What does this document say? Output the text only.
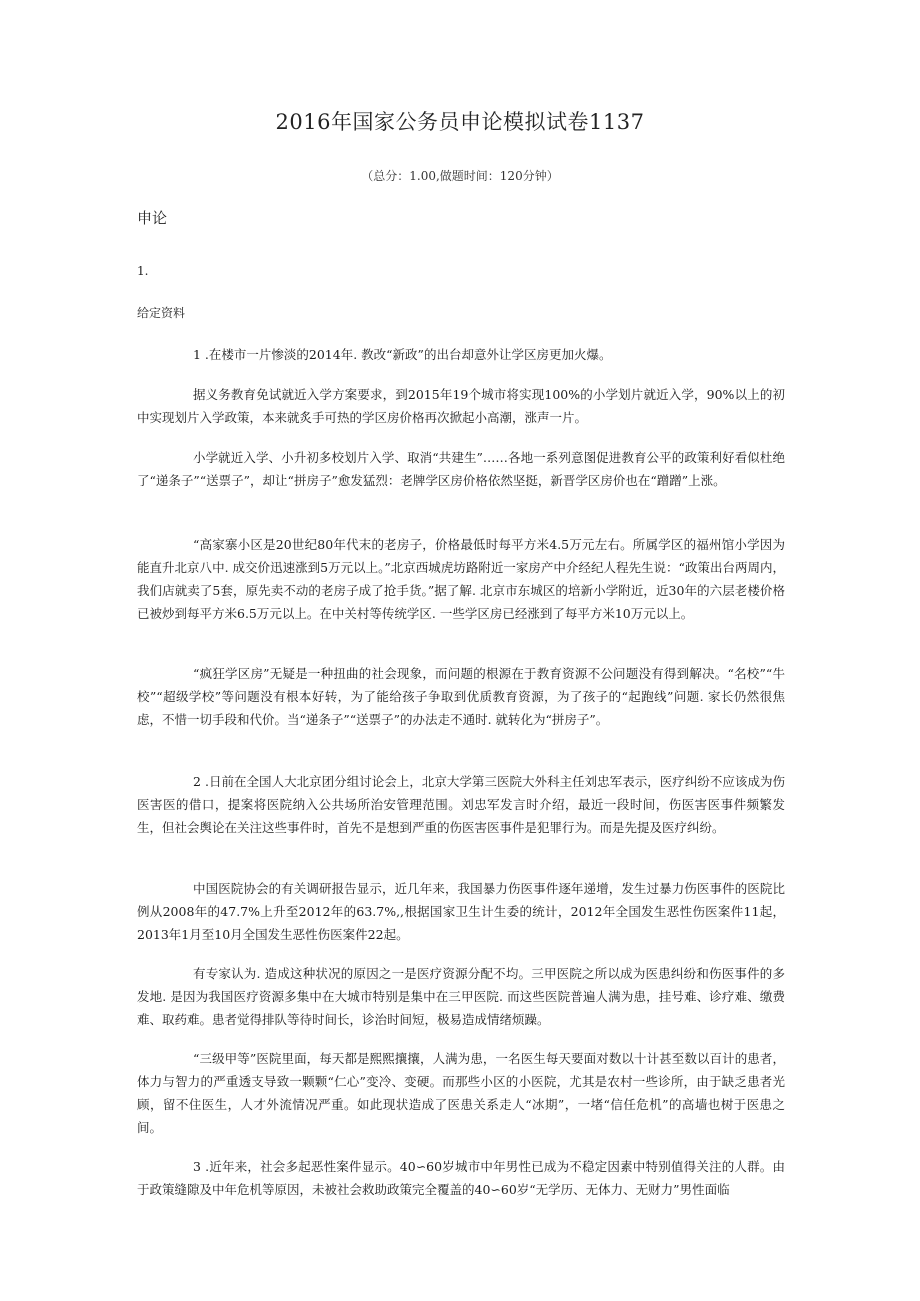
2016年国家公务员申论模拟试卷1137
（总分：1.00,做题时间：120分钟）
申论
1.
给定资料

1 .在楼市一片惨淡的2014年. 教改“新政”的出台却意外让学区房更加火爆。

据义务教育免试就近入学方案要求，到2015年19个城市将实现100%的小学划片就近入学，90%以上的初中实现划片入学政策，本来就炙手可热的学区房价格再次掀起小高潮，涨声一片。

小学就近入学、小升初多校划片入学、取消“共建生”……各地一系列意图促进教育公平的政策利好看似杜绝了“递条子”“送票子”，却让“拼房子”愈发猛烈：老牌学区房价格依然坚挺，新晋学区房价也在“蹭蹭”上涨。

“高家寨小区是20世纪80年代末的老房子，价格最低时每平方米4.5万元左右。所属学区的福州馆小学因为能直升北京八中. 成交价迅速涨到5万元以上。”北京西城虎坊路附近一家房产中介经纪人程先生说：“政策出台两周内，我们店就卖了5套，原先卖不动的老房子成了抢手货。”据了解. 北京市东城区的培新小学附近，近30年的六层老楼价格已被炒到每平方米6.5万元以上。在中关村等传统学区. 一些学区房已经涨到了每平方米10万元以上。

“疯狂学区房”无疑是一种扭曲的社会现象，而问题的根源在于教育资源不公问题没有得到解决。“名校”“牛校”“超级学校”等问题没有根本好转，为了能给孩子争取到优质教育资源，为了孩子的“起跑线”问题. 家长仍然很焦虑，不惜一切手段和代价。当“递条子”“送票子”的办法走不通时. 就转化为“拼房子”。

2 .日前在全国人大北京团分组讨论会上，北京大学第三医院大外科主任刘忠军表示，医疗纠纷不应该成为伤医害医的借口，提案将医院纳入公共场所治安管理范围。刘忠军发言时介绍，最近一段时间，伤医害医事件频繁发生，但社会舆论在关注这些事件时，首先不是想到严重的伤医害医事件是犯罪行为。而是先提及医疗纠纷。

中国医院协会的有关调研报告显示，近几年来，我国暴力伤医事件逐年递增，发生过暴力伤医事件的医院比例从2008年的47.7%上升至2012年的63.7%,,根据国家卫生计生委的统计，2012年全国发生恶性伤医案件11起，2013年1月至10月全国发生恶性伤医案件22起。

有专家认为. 造成这种状况的原因之一是医疗资源分配不均。三甲医院之所以成为医患纠纷和伤医事件的多发地. 是因为我国医疗资源多集中在大城市特别是集中在三甲医院. 而这些医院普遍人满为患，挂号难、诊疗难、缴费难、取药难。患者觉得排队等待时间长，诊治时间短，极易造成情绪烦躁。

“三级甲等”医院里面，每天都是熙熙攘攘，人满为患，一名医生每天要面对数以十计甚至数以百计的患者，体力与智力的严重透支导致一颗颗“仁心”变冷、变硬。而那些小区的小医院，尤其是农村一些诊所，由于缺乏患者光顾，留不住医生，人才外流情况严重。如此现状造成了医患关系走人“冰期”，一堵“信任危机”的高墙也树于医患之间。

3 .近年来，社会多起恶性案件显示。40∽60岁城市中年男性已成为不稳定因素中特别值得关注的人群。由于政策缝隙及中年危机等原因，未被社会救助政策完全覆盖的40∽60岁“无学历、无体力、无财力”男性面临
